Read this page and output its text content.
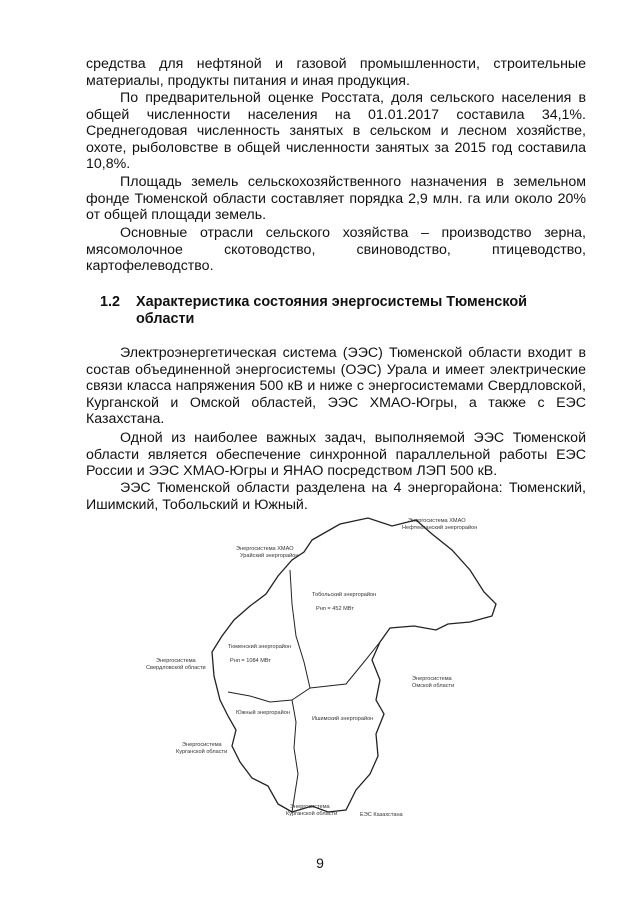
средства для нефтяной и газовой промышленности, строительные материалы, продукты питания и иная продукция.

По предварительной оценке Росстата, доля сельского населения в общей численности населения на 01.01.2017 составила 34,1%. Среднегодовая численность занятых в сельском и лесном хозяйстве, охоте, рыболовстве в общей численности занятых за 2015 год составила 10,8%.

Площадь земель сельскохозяйственного назначения в земельном фонде Тюменской области составляет порядка 2,9 млн. га или около 20% от общей площади земель.

Основные отрасли сельского хозяйства – производство зерна, мясомолочное скотоводство, свиноводство, птицеводство, картофелеводство.

1.2 Характеристика состояния энергосистемы Тюменской области

Электроэнергетическая система (ЭЭС) Тюменской области входит в состав объединенной энергосистемы (ОЭС) Урала и имеет электрические связи класса напряжения 500 кВ и ниже с энергосистемами Свердловской, Курганской и Омской областей, ЭЭС ХМАО-Югры, а также с ЕЭС Казахстана.

Одной из наиболее важных задач, выполняемой ЭЭС Тюменской области является обеспечение синхронной параллельной работы ЕЭС России и ЭЭС ХМАО-Югры и ЯНАО посредством ЛЭП 500 кВ.

ЭЭС Тюменской области разделена на 4 энергорайона: Тюменский, Ишимский, Тобольский и Южный.

Энергосистема ХМАО
Нефтеюганский энергорайон
Энергосистема ХМАО
Урайский энергорайон
Тобольский энергорайон
Pнп = 452 МВт
Тюменский энергорайон
Pнп = 1084 МВт
Энергосистема
Свердловской области
Энергосистема
Омской области
Южный энергорайон
Ишимский энергорайон
Энергосистема
Курганской области
Энергосистема
Курганской области	ЕЭС Казахстана
9
